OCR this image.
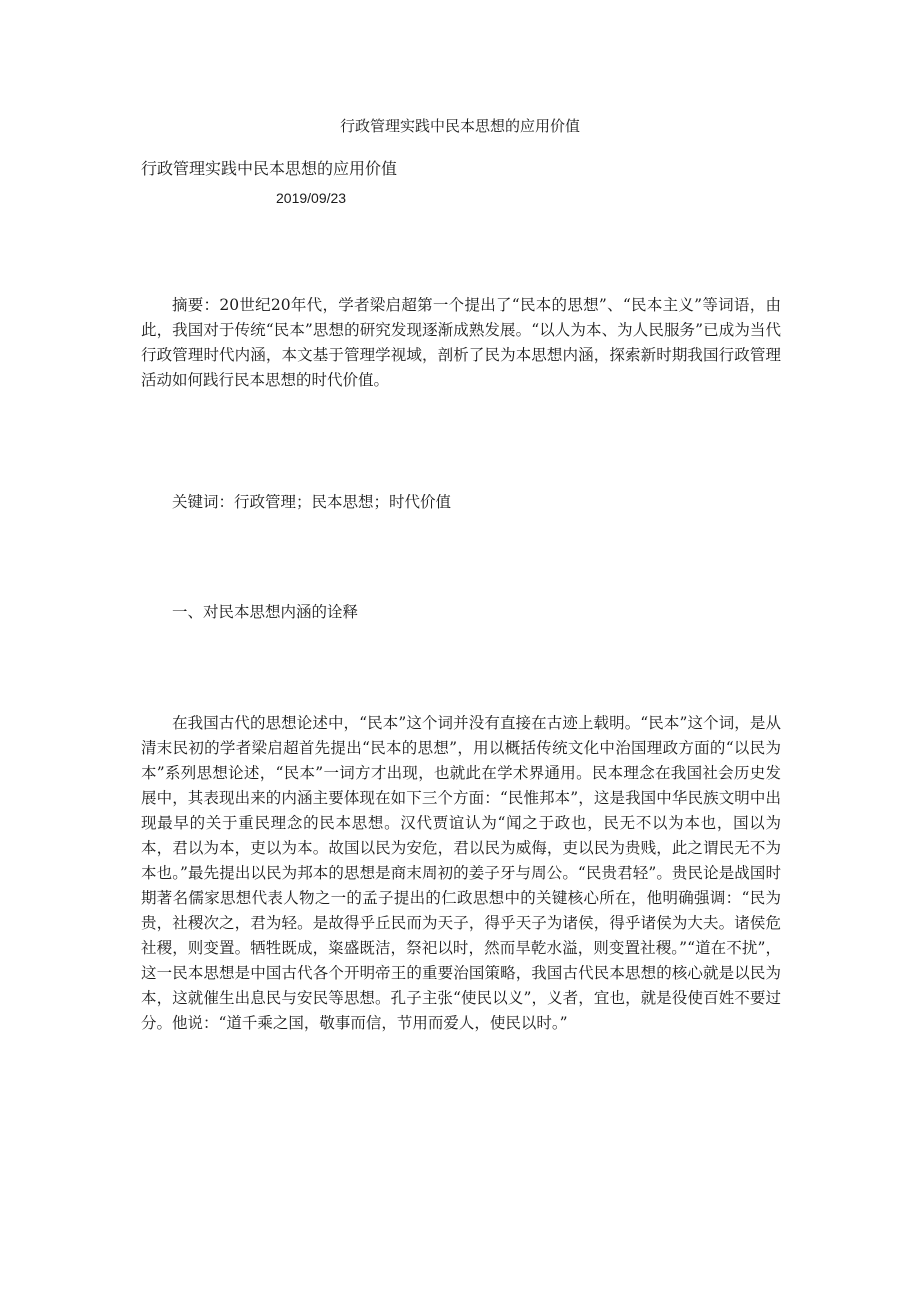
行政管理实践中民本思想的应用价值
行政管理实践中民本思想的应用价值
2019/09/23

摘要：20世纪20年代，学者梁启超第一个提出了“民本的思想”、“民本主义”等词语，由此，我国对于传统“民本”思想的研究发现逐渐成熟发展。“以人为本、为人民服务”已成为当代行政管理时代内涵，本文基于管理学视域，剖析了民为本思想内涵，探索新时期我国行政管理活动如何践行民本思想的时代价值。

关键词：行政管理；民本思想；时代价值

一、对民本思想内涵的诠释

在我国古代的思想论述中，“民本”这个词并没有直接在古迹上载明。“民本”这个词，是从清末民初的学者梁启超首先提出“民本的思想”，用以概括传统文化中治国理政方面的“以民为本”系列思想论述，“民本”一词方才出现，也就此在学术界通用。民本理念在我国社会历史发展中，其表现出来的内涵主要体现在如下三个方面：“民惟邦本”，这是我国中华民族文明中出现最早的关于重民理念的民本思想。汉代贾谊认为“闻之于政也，民无不以为本也，国以为本，君以为本，吏以为本。故国以民为安危，君以民为威侮，吏以民为贵贱，此之谓民无不为本也。”最先提出以民为邦本的思想是商末周初的姜子牙与周公。“民贵君轻”。贵民论是战国时期著名儒家思想代表人物之一的孟子提出的仁政思想中的关键核心所在，他明确强调：“民为贵，社稷次之，君为轻。是故得乎丘民而为天子，得乎天子为诸侯，得乎诸侯为大夫。诸侯危社稷，则变置。牺牲既成，粢盛既洁，祭祀以时，然而旱乾水溢，则变置社稷。”“道在不扰”，这一民本思想是中国古代各个开明帝王的重要治国策略，我国古代民本思想的核心就是以民为本，这就催生出息民与安民等思想。孔子主张“使民以义”，义者，宜也，就是役使百姓不要过分。他说：“道千乘之国，敬事而信，节用而爱人，使民以时。”
